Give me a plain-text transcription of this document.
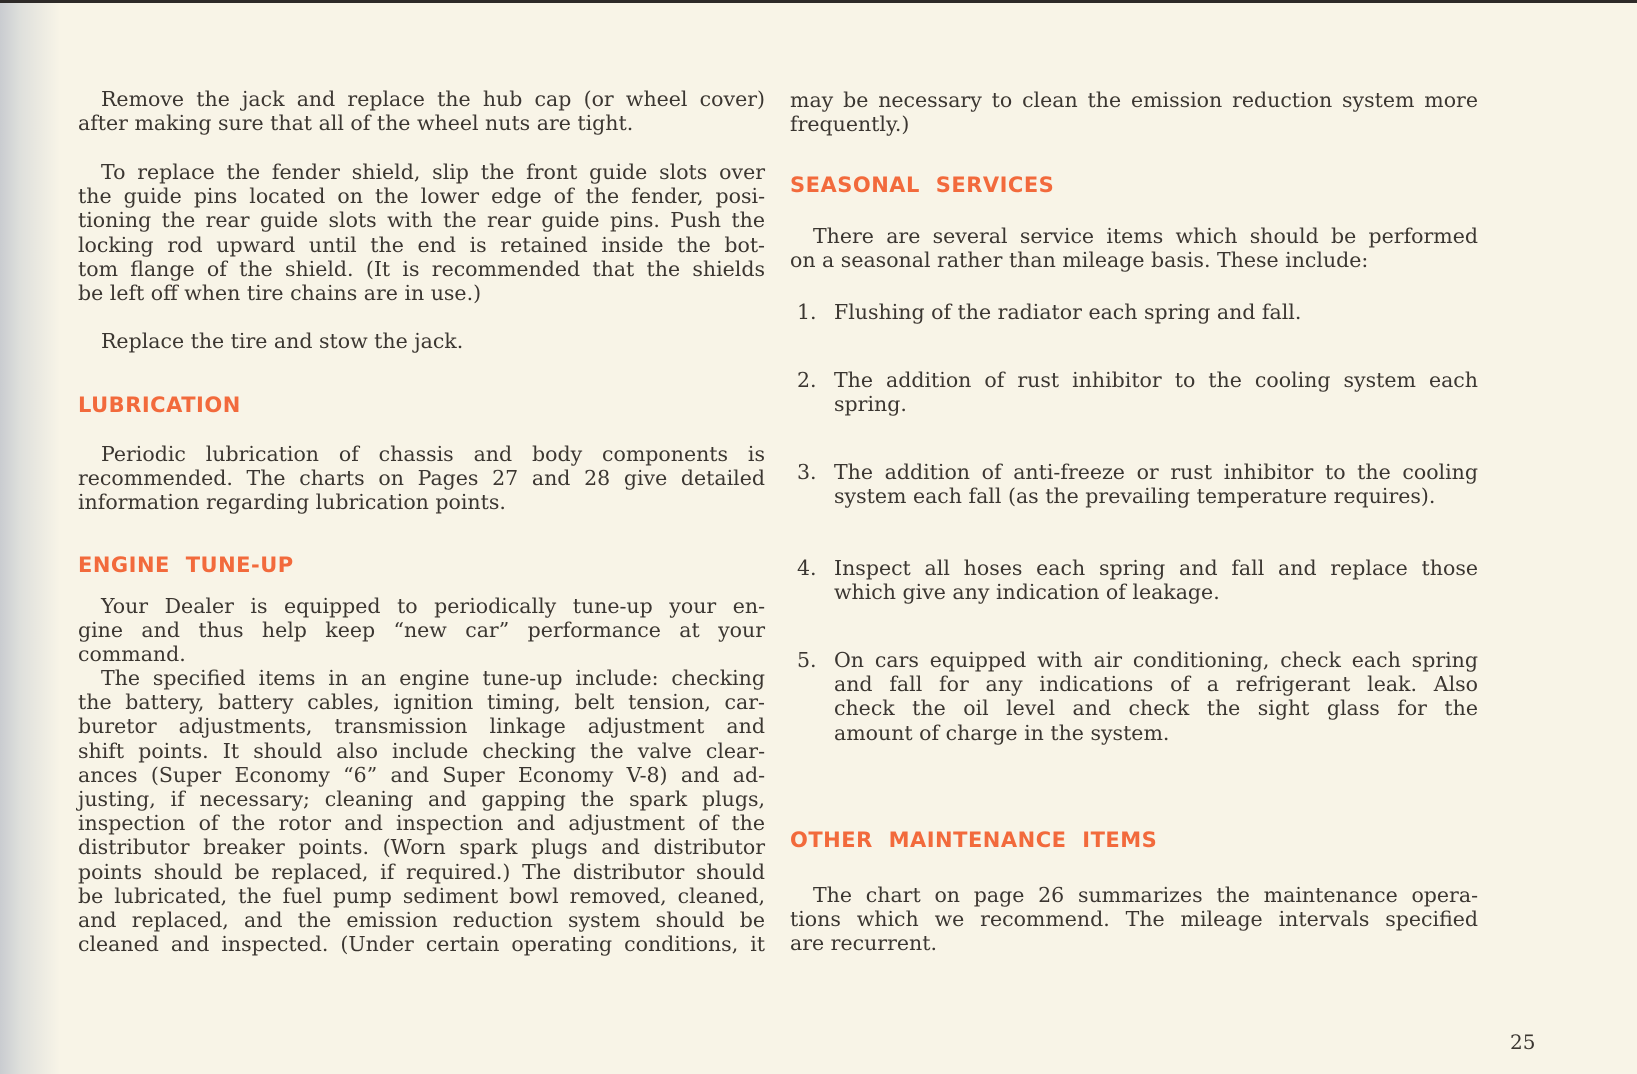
Remove the jack and replace the hub cap (or wheel cover)
after making sure that all of the wheel nuts are tight.
To replace the fender shield, slip the front guide slots over
the guide pins located on the lower edge of the fender, posi-
tioning the rear guide slots with the rear guide pins. Push the
locking rod upward until the end is retained inside the bot-
tom flange of the shield. (It is recommended that the shields
be left off when tire chains are in use.)
Replace the tire and stow the jack.
LUBRICATION
Periodic lubrication of chassis and body components is
recommended. The charts on Pages 27 and 28 give detailed
information regarding lubrication points.
ENGINE TUNE-UP
Your Dealer is equipped to periodically tune-up your en-
gine and thus help keep “new car” performance at your
command.
The specified items in an engine tune-up include: checking
the battery, battery cables, ignition timing, belt tension, car-
buretor adjustments, transmission linkage adjustment and
shift points. It should also include checking the valve clear-
ances (Super Economy “6” and Super Economy V-8) and ad-
justing, if necessary; cleaning and gapping the spark plugs,
inspection of the rotor and inspection and adjustment of the
distributor breaker points. (Worn spark plugs and distributor
points should be replaced, if required.) The distributor should
be lubricated, the fuel pump sediment bowl removed, cleaned,
and replaced, and the emission reduction system should be
cleaned and inspected. (Under certain operating conditions, it
may be necessary to clean the emission reduction system more
frequently.)
SEASONAL SERVICES
There are several service items which should be performed
on a seasonal rather than mileage basis. These include:
1. Flushing of the radiator each spring and fall.
2. The addition of rust inhibitor to the cooling system each
spring.
3. The addition of anti-freeze or rust inhibitor to the cooling
system each fall (as the prevailing temperature requires).
4. Inspect all hoses each spring and fall and replace those
which give any indication of leakage.
5. On cars equipped with air conditioning, check each spring
and fall for any indications of a refrigerant leak. Also
check the oil level and check the sight glass for the
amount of charge in the system.
OTHER MAINTENANCE ITEMS
The chart on page 26 summarizes the maintenance opera-
tions which we recommend. The mileage intervals specified
are recurrent.
25
